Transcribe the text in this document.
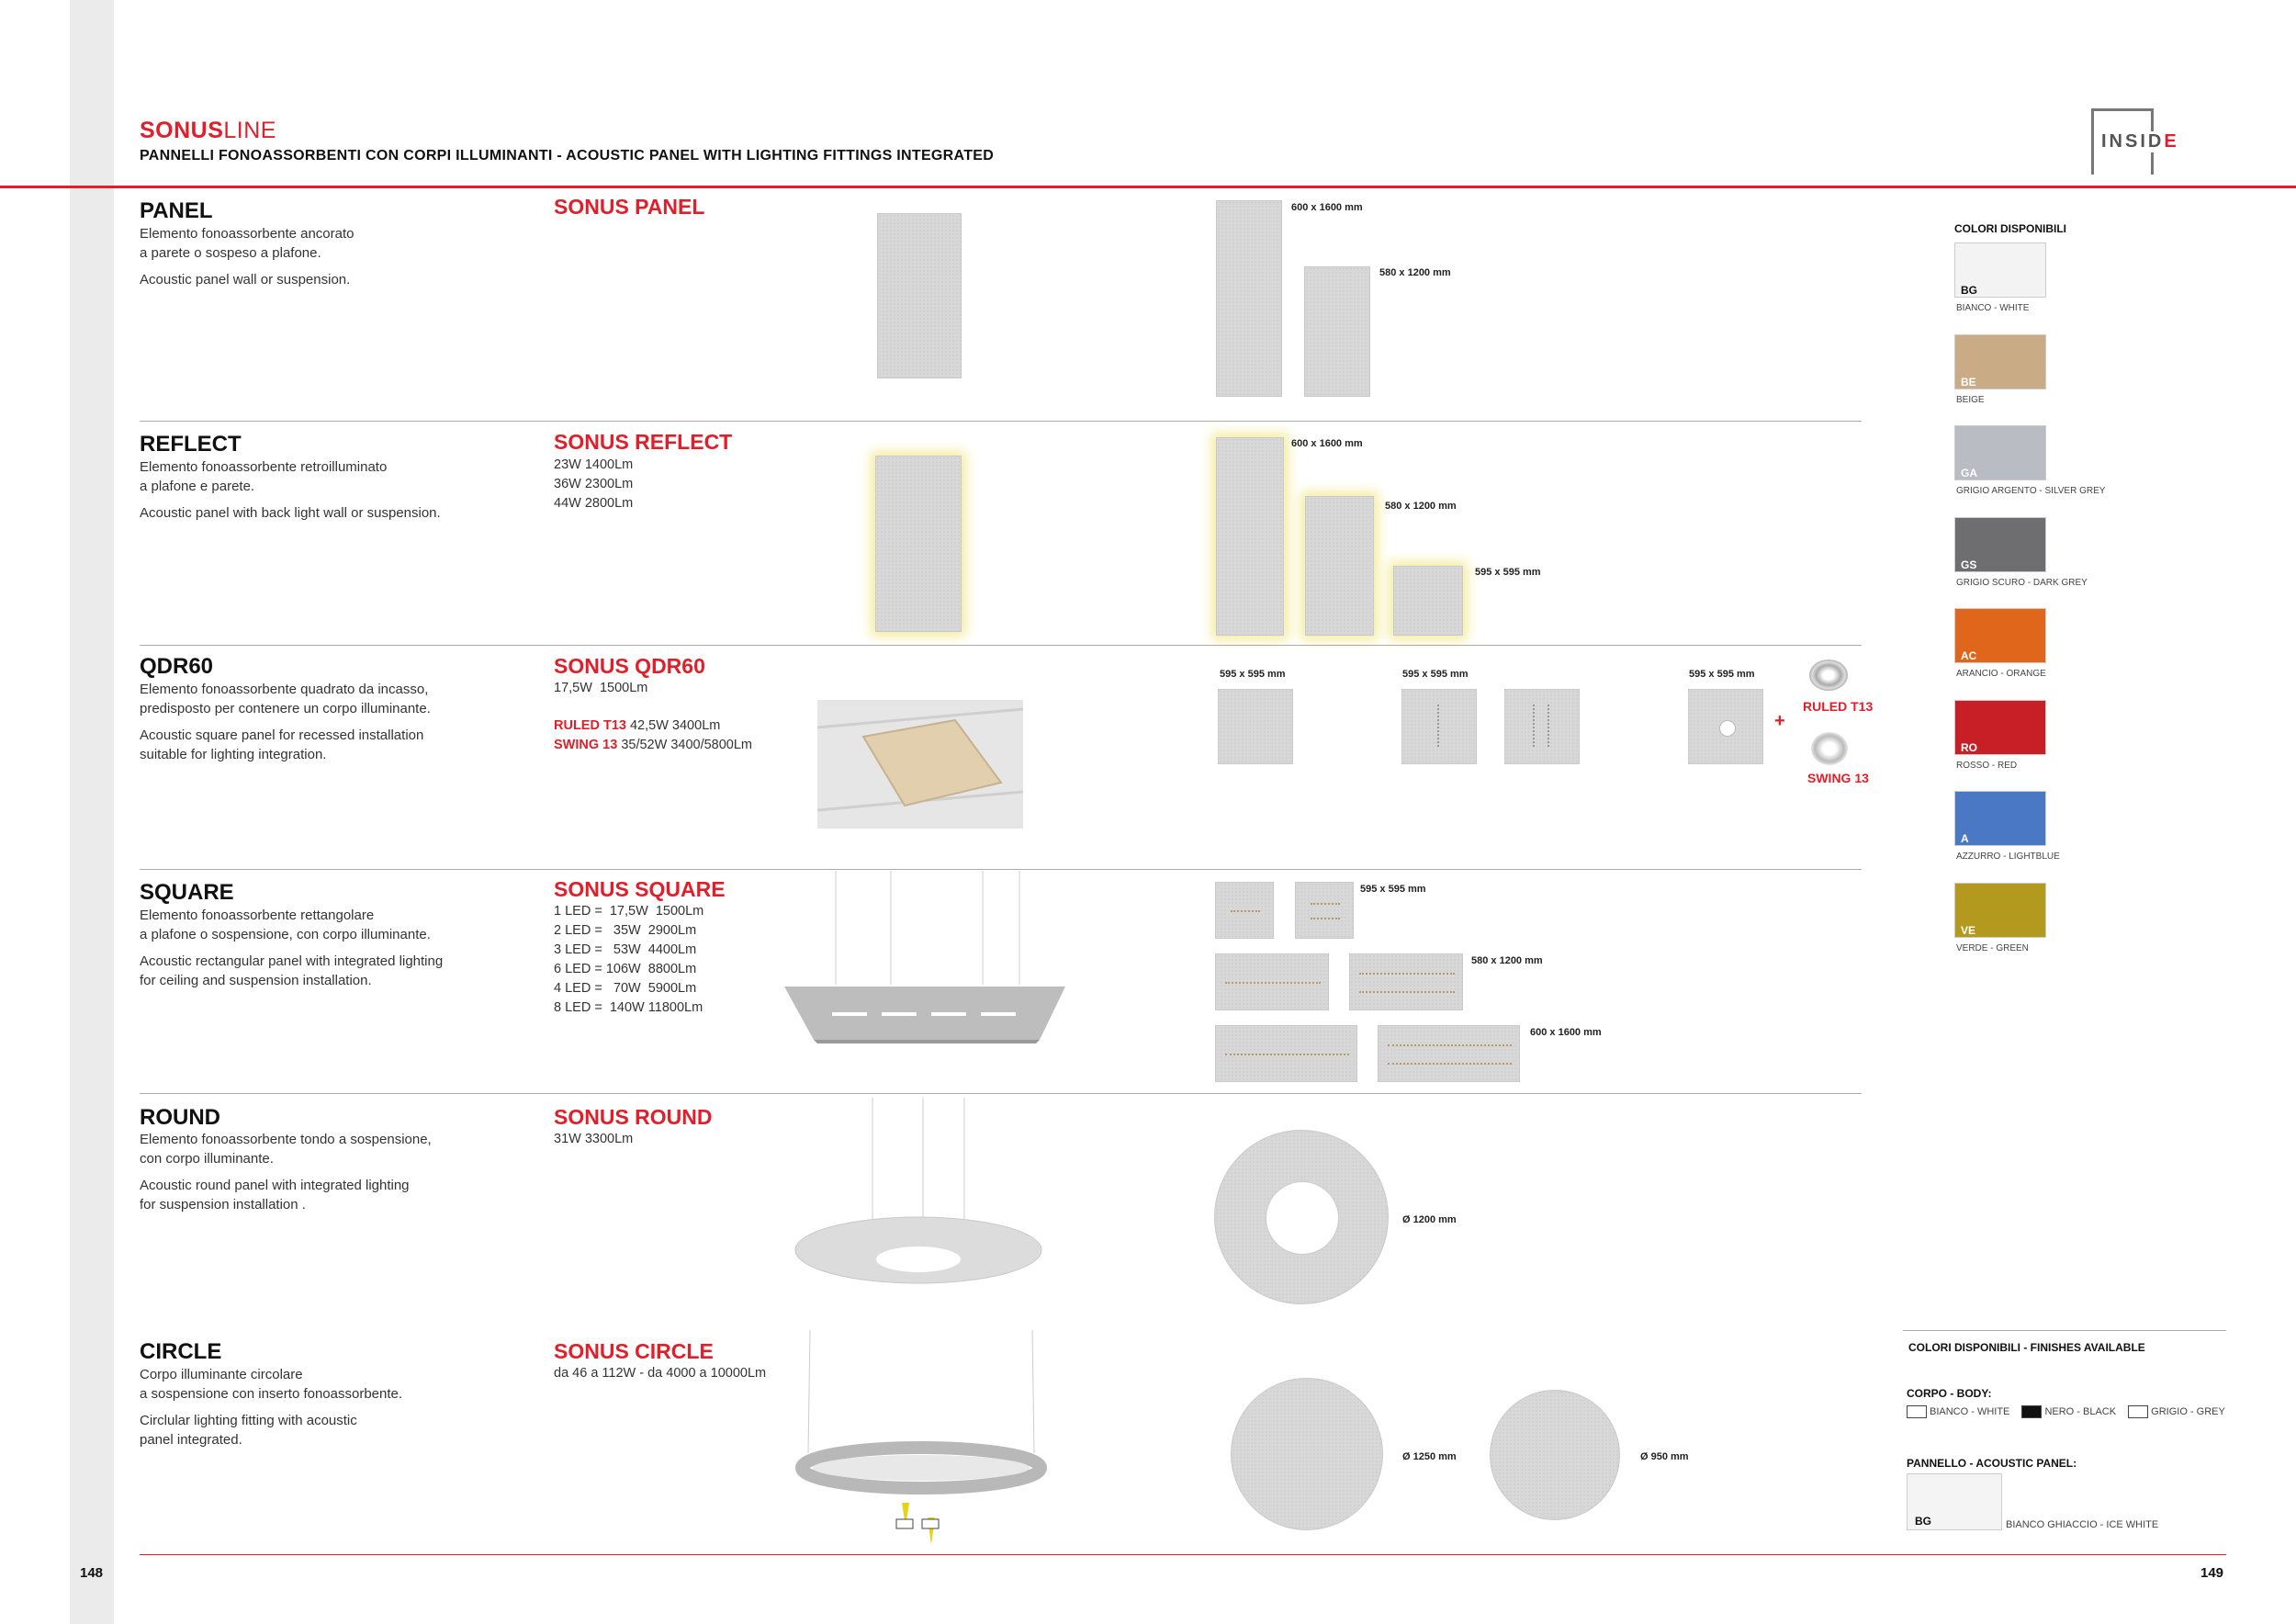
SONUSLINE
PANNELLI FONOASSORBENTI CON CORPI ILLUMINANTI - ACOUSTIC PANEL WITH LIGHTING FITTINGS INTEGRATED
INSIDE
PANEL

Elemento fonoassorbente ancorato
a parete o sospeso a plafone.

Acoustic panel wall or suspension.

SONUS PANEL	600 x 1600 mm
580 x 1200 mm
REFLECT

Elemento fonoassorbente retroilluminato
a plafone e parete.

Acoustic panel with back light wall or suspension.

SONUS REFLECT
23W 1400Lm
36W 2300Lm
44W 2800Lm
600 x 1600 mm
580 x 1200 mm
595 x 595 mm
QDR60

Elemento fonoassorbente quadrato da incasso,
predisposto per contenere un corpo illuminante.

Acoustic square panel for recessed installation
suitable for lighting integration.

SONUS QDR60
17,5W  1500Lm
RULED T13 42,5W 3400Lm
SWING 13 35/52W 3400/5800Lm
595 x 595 mm	595 x 595 mm	595 x 595 mm
+
RULED T13
SWING 13
SQUARE

Elemento fonoassorbente rettangolare
a plafone o sospensione, con corpo illuminante.

Acoustic rectangular panel with integrated lighting
for ceiling and suspension installation.

SONUS SQUARE
1 LED =  17,5W  1500Lm
2 LED =   35W  2900Lm
3 LED =   53W  4400Lm
6 LED = 106W  8800Lm
4 LED =   70W  5900Lm
8 LED =  140W 11800Lm
595 x 595 mm
580 x 1200 mm
600 x 1600 mm
ROUND

Elemento fonoassorbente tondo a sospensione,
con corpo illuminante.

Acoustic round panel with integrated lighting
for suspension installation .

SONUS ROUND
31W 3300Lm
Ø 1200 mm
CIRCLE

Corpo illuminante circolare
a sospensione con inserto fonoassorbente.

Circlular lighting fitting with acoustic
panel integrated.

SONUS CIRCLE
da 46 a 112W - da 4000 a 10000Lm
Ø 1250 mm	Ø 950 mm
COLORI DISPONIBILI - FINISHES AVAILABLE
CORPO - BODY:
BIANCO - WHITE	NERO - BLACK	GRIGIO - GREY
PANNELLO - ACOUSTIC PANEL:
BG	BIANCO GHIACCIO - ICE WHITE
COLORI DISPONIBILI
BG
BIANCO - WHITE
BE
BEIGE
GA
GRIGIO ARGENTO - SILVER GREY
GS
GRIGIO SCURO - DARK GREY
AC
ARANCIO - ORANGE
RO
ROSSO - RED
A
AZZURRO - LIGHTBLUE
VE
VERDE - GREEN
148	149
